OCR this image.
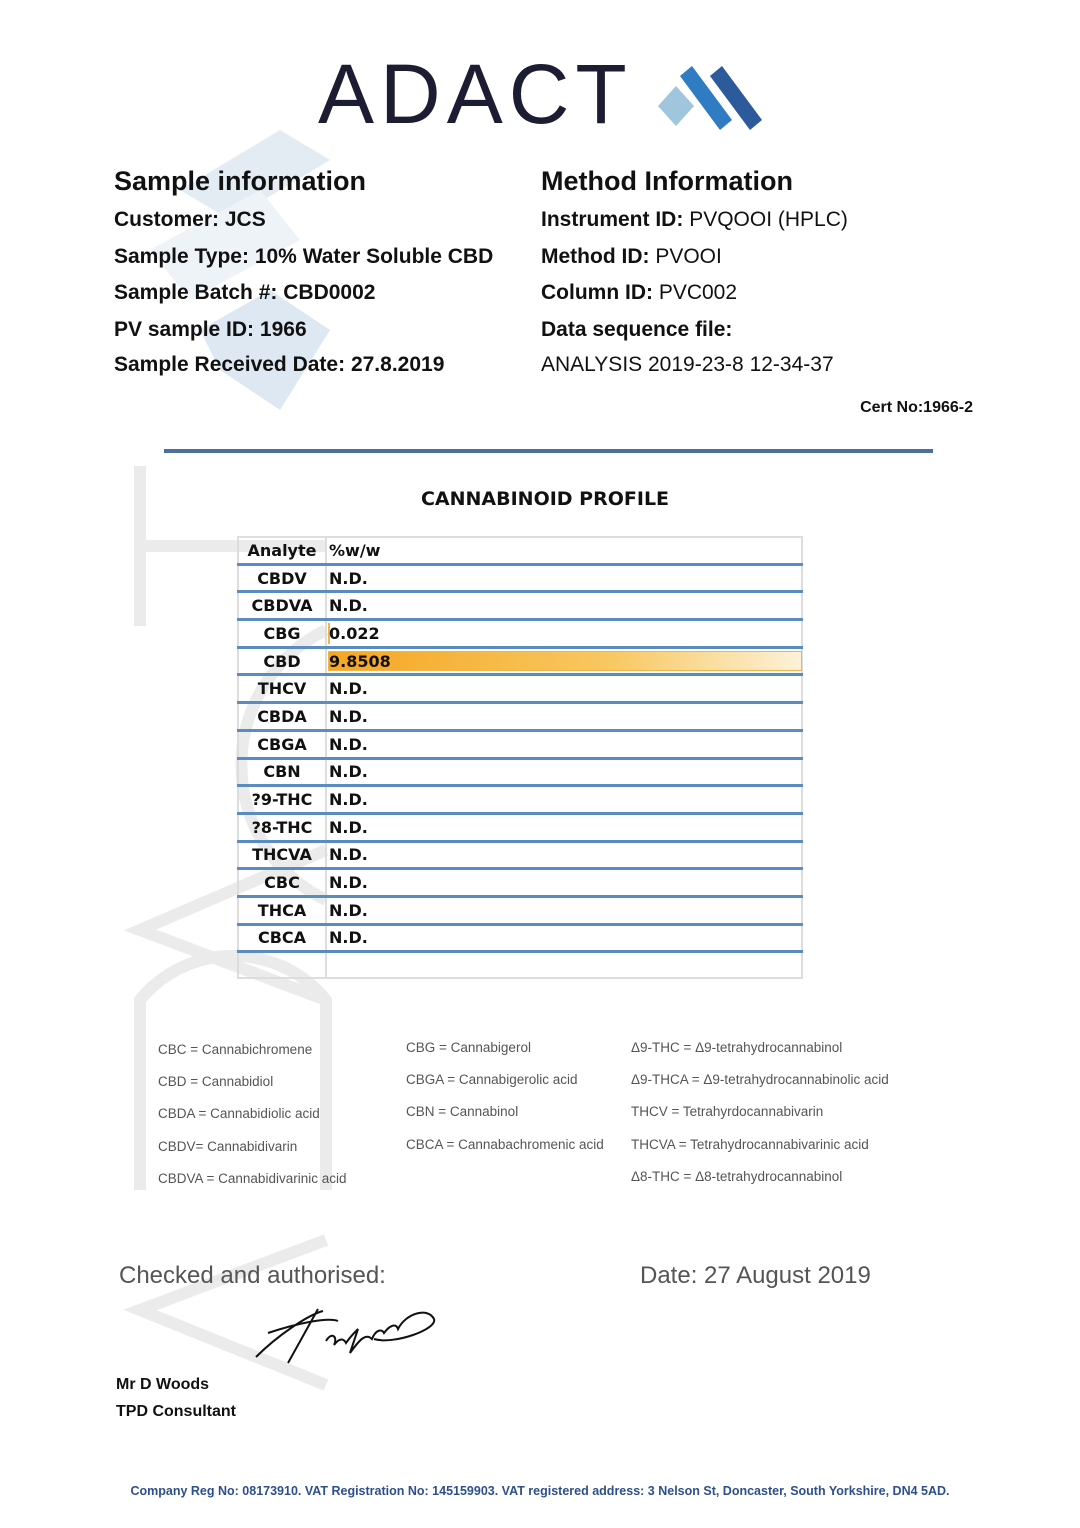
ADACT
Sample information
Customer: JCS
Sample Type: 10% Water Soluble CBD
Sample Batch #: CBD0002
PV sample ID: 1966
Sample Received Date: 27.8.2019
Method Information
Instrument ID: PVQOOI (HPLC)
Method ID: PVOOI
Column ID: PVC002
Data sequence file:
ANALYSIS 2019-23-8 12-34-37
Cert No:1966-2
CANNABINOID PROFILE
Analyte	%w/w
CBDV	N.D.
CBDVA	N.D.
CBG	0.022
CBD	9.8508
THCV	N.D.
CBDA	N.D.
CBGA	N.D.
CBN	N.D.
?9-THC	N.D.
?8-THC	N.D.
THCVA	N.D.
CBC	N.D.
THCA	N.D.
CBCA	N.D.

CBC = Cannabichromene
CBD = Cannabidiol
CBDA = Cannabidiolic acid
CBDV= Cannabidivarin
CBDVA = Cannabidivarinic acid
CBG = Cannabigerol
CBGA = Cannabigerolic acid
CBN = Cannabinol
CBCA = Cannabachromenic acid
Δ9-THC = Δ9-tetrahydrocannabinol
Δ9-THCA = Δ9-tetrahydrocannabinolic acid
THCV = Tetrahyrdocannabivarin
THCVA = Tetrahydrocannabivarinic acid
Δ8-THC = Δ8-tetrahydrocannabinol
Checked and authorised:	Date: 27 August 2019
Mr D Woods
TPD Consultant
Company Reg No: 08173910. VAT Registration No: 145159903. VAT registered address: 3 Nelson St, Doncaster, South Yorkshire, DN4 5AD.
